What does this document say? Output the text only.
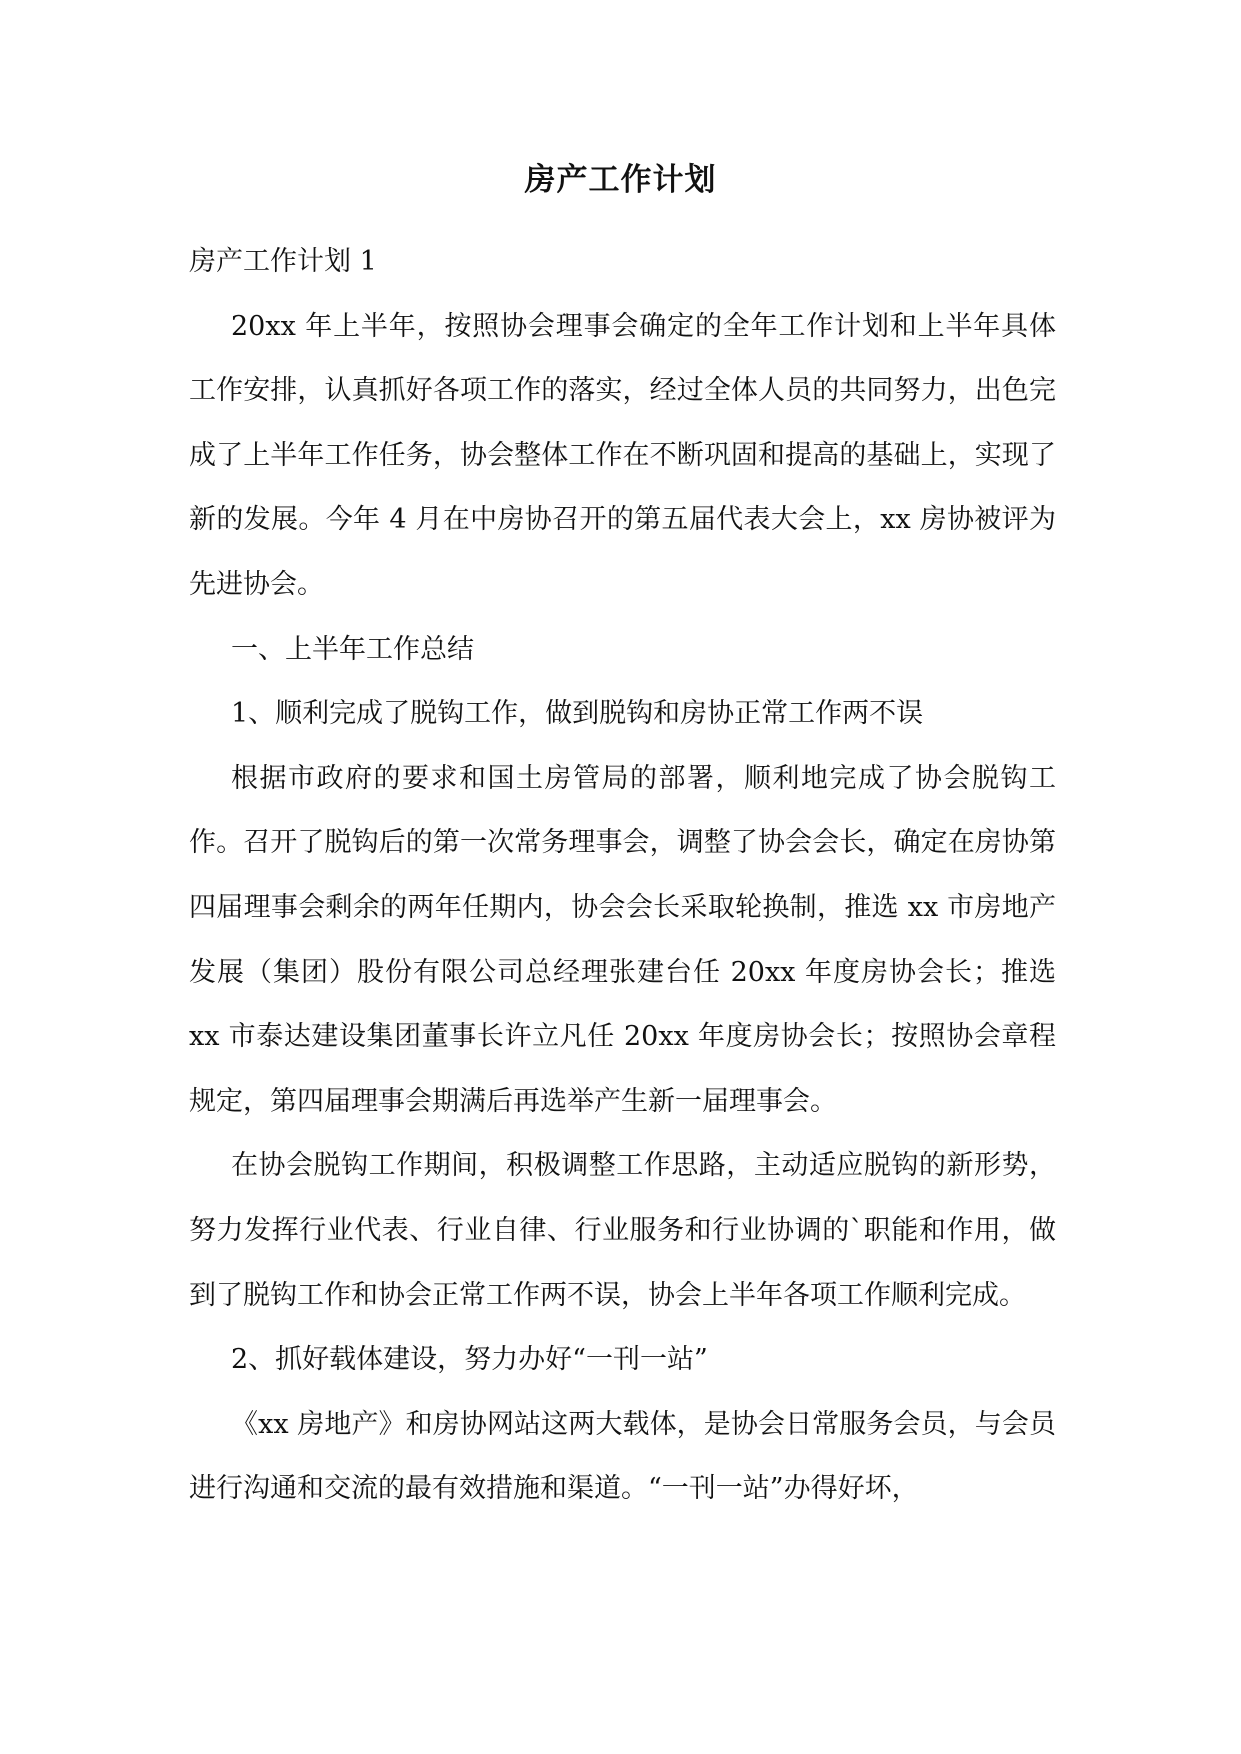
房产工作计划

房产工作计划 1

20xx 年上半年，按照协会理事会确定的全年工作计划和上半年具体工作安排，认真抓好各项工作的落实，经过全体人员的共同努力，出色完成了上半年工作任务，协会整体工作在不断巩固和提高的基础上，实现了新的发展。今年 4 月在中房协召开的第五届代表大会上，xx 房协被评为先进协会。

一、上半年工作总结

1、顺利完成了脱钩工作，做到脱钩和房协正常工作两不误

根据市政府的要求和国土房管局的部署，顺利地完成了协会脱钩工作。召开了脱钩后的第一次常务理事会，调整了协会会长，确定在房协第四届理事会剩余的两年任期内，协会会长采取轮换制，推选 xx 市房地产发展（集团）股份有限公司总经理张建台任 20xx 年度房协会长；推选 xx 市泰达建设集团董事长许立凡任 20xx 年度房协会长；按照协会章程规定，第四届理事会期满后再选举产生新一届理事会。

在协会脱钩工作期间，积极调整工作思路，主动适应脱钩的新形势，努力发挥行业代表、行业自律、行业服务和行业协调的`职能和作用，做到了脱钩工作和协会正常工作两不误，协会上半年各项工作顺利完成。

2、抓好载体建设，努力办好“一刊一站”

《xx 房地产》和房协网站这两大载体，是协会日常服务会员，与会员进行沟通和交流的最有效措施和渠道。“一刊一站”办得好坏，
